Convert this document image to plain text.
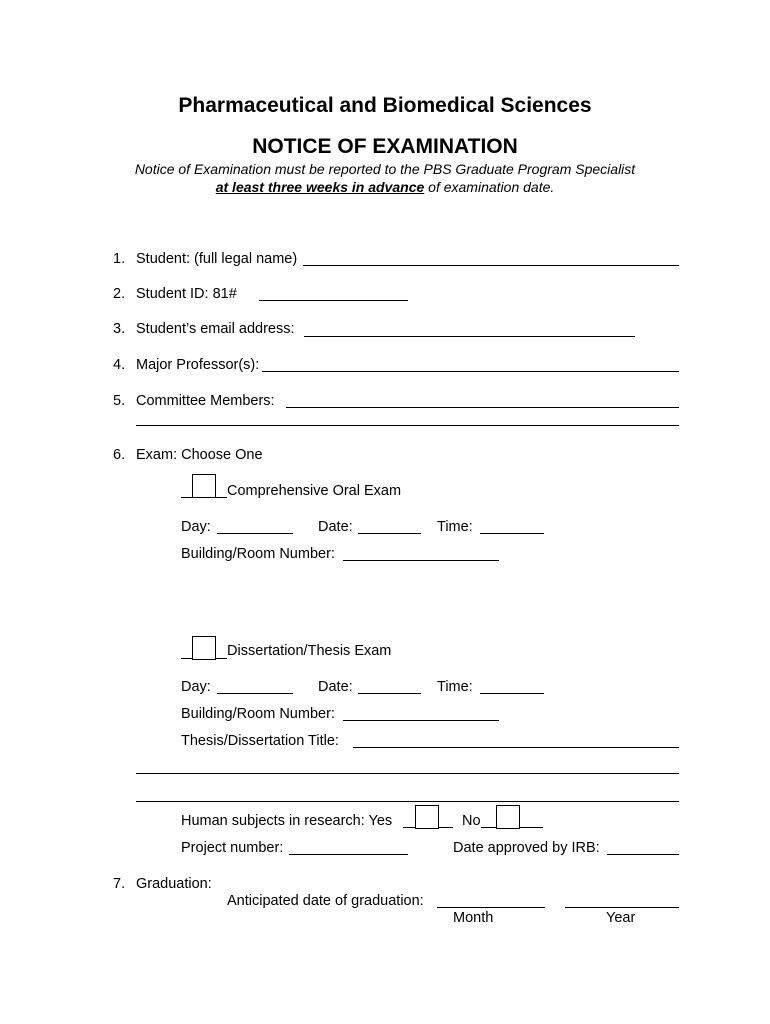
Pharmaceutical and Biomedical Sciences
NOTICE OF EXAMINATION
Notice of Examination must be reported to the PBS Graduate Program Specialist
at least three weeks in advance of examination date.
1. Student: (full legal name)
2. Student ID: 81#
3. Student’s email address:
4. Major Professor(s):
5. Committee Members:
6. Exam: Choose One
Comprehensive Oral Exam
Day:	Date:	Time:
Building/Room Number:
Dissertation/Thesis Exam
Day:	Date:	Time:
Building/Room Number:
Thesis/Dissertation Title:
Human subjects in research: Yes	No
Project number:	Date approved by IRB:
7. Graduation:
Anticipated date of graduation:
Month	Year
